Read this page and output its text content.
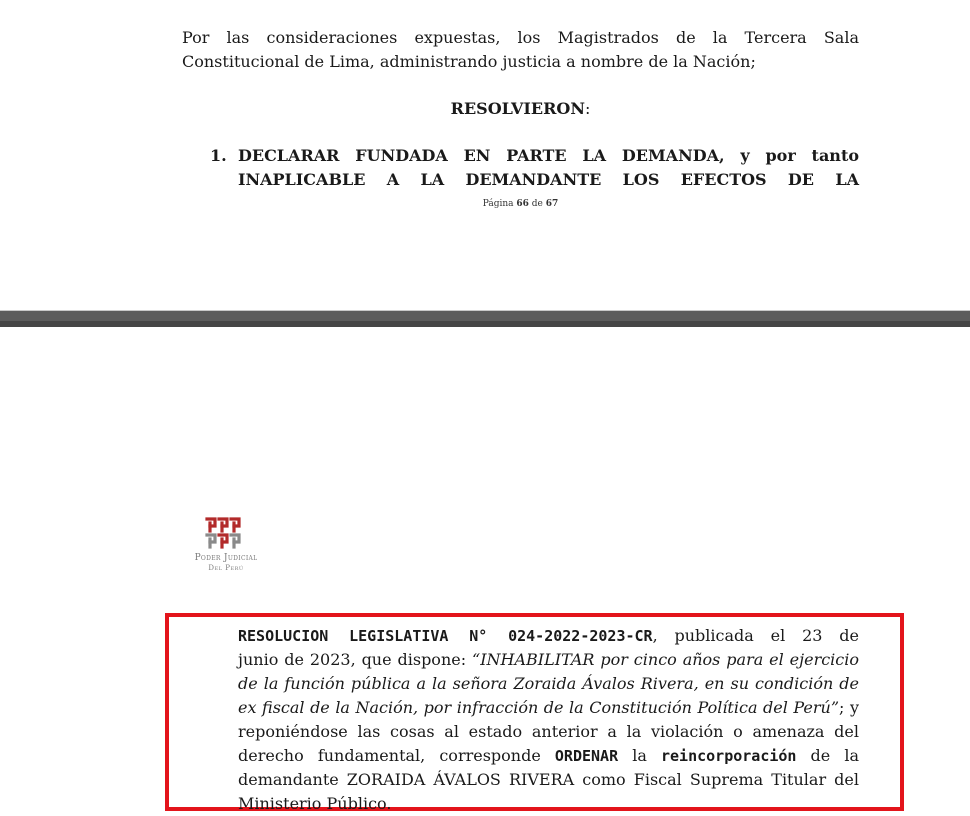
Por las consideraciones expuestas, los Magistrados de la Tercera Sala
Constitucional de Lima, administrando justicia a nombre de la Nación;
RESOLVIERON:
1. DECLARAR FUNDADA EN PARTE LA DEMANDA, y por tanto
INAPLICABLE A LA DEMANDANTE LOS EFECTOS DE LA
Página 66 de 67
Poder Judicial
Del Perú
RESOLUCION LEGISLATIVA N° 024-2022-2023-CR, publicada el 23 de
junio de 2023, que dispone: “INHABILITAR por cinco años para el ejercicio
de la función pública a la señora Zoraida Ávalos Rivera, en su condición de
ex fiscal de la Nación, por infracción de la Constitución Política del Perú”; y
reponiéndose las cosas al estado anterior a la violación o amenaza del
derecho fundamental, corresponde ORDENAR la reincorporación de la
demandante ZORAIDA ÁVALOS RIVERA como Fiscal Suprema Titular del
Ministerio Público.
